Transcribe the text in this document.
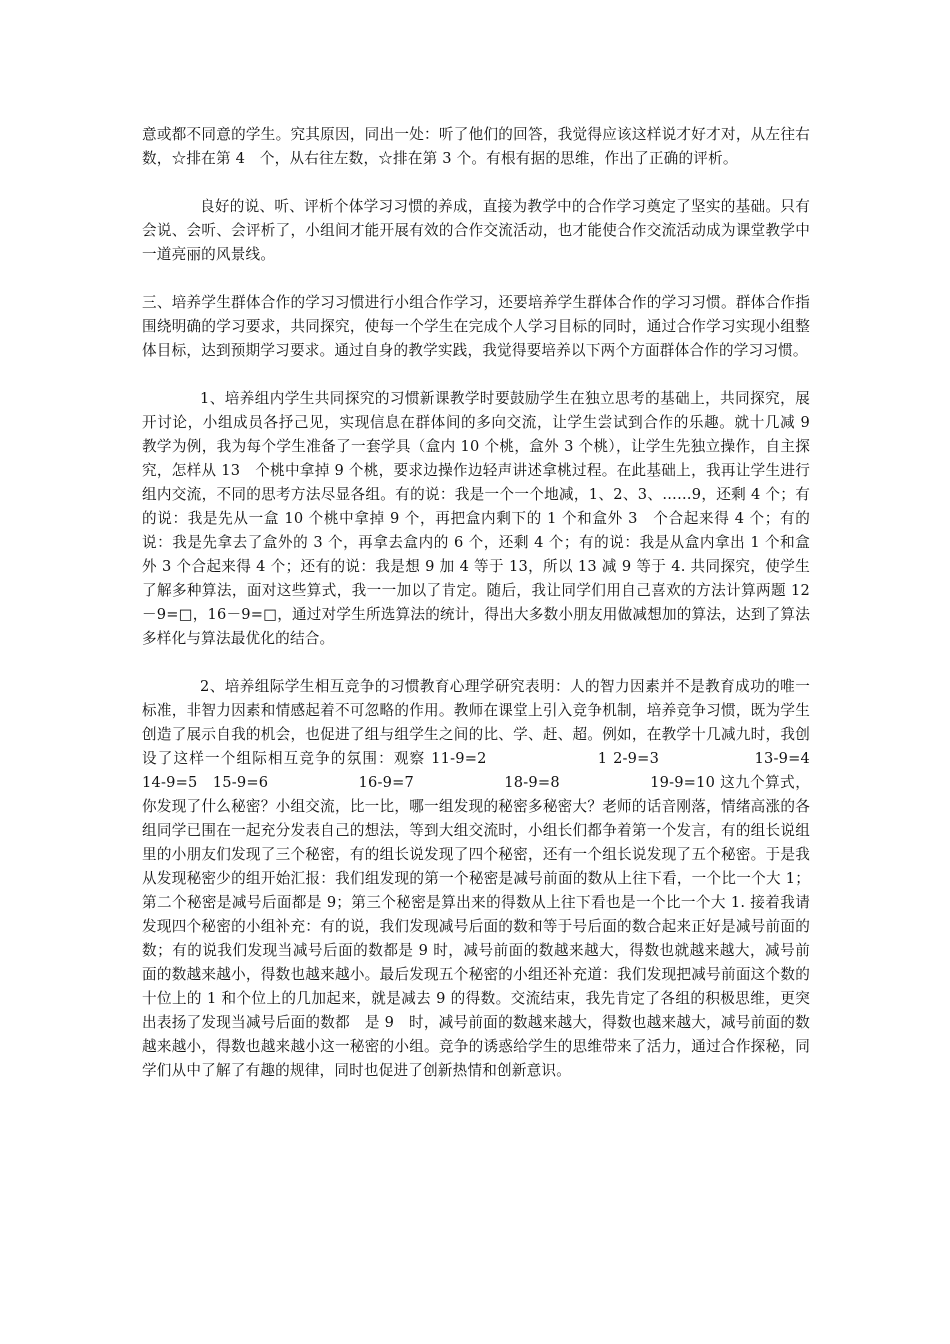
意或都不同意的学生。究其原因，同出一处：听了他们的回答，我觉得应该这样说才好才对，从左往右数，☆排在第 4　个，从右往左数，☆排在第 3 个。有根有据的思维，作出了正确的评析。

良好的说、听、评析个体学习习惯的养成，直接为教学中的合作学习奠定了坚实的基础。只有会说、会听、会评析了，小组间才能开展有效的合作交流活动，也才能使合作交流活动成为课堂教学中一道亮丽的风景线。

三、培养学生群体合作的学习习惯进行小组合作学习，还要培养学生群体合作的学习习惯。群体合作指围绕明确的学习要求，共同探究，使每一个学生在完成个人学习目标的同时，通过合作学习实现小组整体目标，达到预期学习要求。通过自身的教学实践，我觉得要培养以下两个方面群体合作的学习习惯。

1、培养组内学生共同探究的习惯新课教学时要鼓励学生在独立思考的基础上，共同探究，展开讨论，小组成员各抒己见，实现信息在群体间的多向交流，让学生尝试到合作的乐趣。就十几减 9 教学为例，我为每个学生准备了一套学具（盒内 10 个桃，盒外 3 个桃），让学生先独立操作，自主探究，怎样从 13　个桃中拿掉 9 个桃，要求边操作边轻声讲述拿桃过程。在此基础上，我再让学生进行组内交流，不同的思考方法尽显各组。有的说：我是一个一个地减，1、2、3、……9，还剩 4 个；有的说：我是先从一盒 10 个桃中拿掉 9 个，再把盒内剩下的 1 个和盒外 3　个合起来得 4 个；有的说：我是先拿去了盒外的 3 个，再拿去盒内的 6 个，还剩 4 个；有的说：我是从盒内拿出 1 个和盒外 3 个合起来得 4 个；还有的说：我是想 9 加 4 等于 13，所以 13 减 9 等于 4. 共同探究，使学生了解多种算法，面对这些算式，我一一加以了肯定。随后，我让同学们用自己喜欢的方法计算两题 12－9=□，16－9=□，通过对学生所选算法的统计，得出大多数小朋友用做减想加的算法，达到了算法多样化与算法最优化的结合。

2、培养组际学生相互竞争的习惯教育心理学研究表明：人的智力因素并不是教育成功的唯一标准，非智力因素和情感起着不可忽略的作用。教师在课堂上引入竞争机制，培养竞争习惯，既为学生创造了展示自我的机会，也促进了组与组学生之间的比、学、赶、超。例如，在教学十几减九时，我创设了这样一个组际相互竞争的氛围：观察 11-9=2　　　　　　　1 2-9=3　　　　　　13-9=4　　　　　　14-9=5　15-9=6　　　　　　16-9=7　　　　　　18-9=8　　　　　　19-9=10 这九个算式，你发现了什么秘密？小组交流，比一比，哪一组发现的秘密多秘密大？老师的话音刚落，情绪高涨的各组同学已围在一起充分发表自己的想法，等到大组交流时，小组长们都争着第一个发言，有的组长说组里的小朋友们发现了三个秘密，有的组长说发现了四个秘密，还有一个组长说发现了五个秘密。于是我从发现秘密少的组开始汇报：我们组发现的第一个秘密是减号前面的数从上往下看，一个比一个大 1；第二个秘密是减号后面都是 9；第三个秘密是算出来的得数从上往下看也是一个比一个大 1. 接着我请发现四个秘密的小组补充：有的说，我们发现减号后面的数和等于号后面的数合起来正好是减号前面的数；有的说我们发现当减号后面的数都是 9 时，减号前面的数越来越大，得数也就越来越大，减号前面的数越来越小，得数也越来越小。最后发现五个秘密的小组还补充道：我们发现把减号前面这个数的十位上的 1 和个位上的几加起来，就是减去 9 的得数。交流结束，我先肯定了各组的积极思维，更突出表扬了发现当减号后面的数都　是 9　时，减号前面的数越来越大，得数也越来越大，减号前面的数越来越小，得数也越来越小这一秘密的小组。竞争的诱惑给学生的思维带来了活力，通过合作探秘，同学们从中了解了有趣的规律，同时也促进了创新热情和创新意识。
